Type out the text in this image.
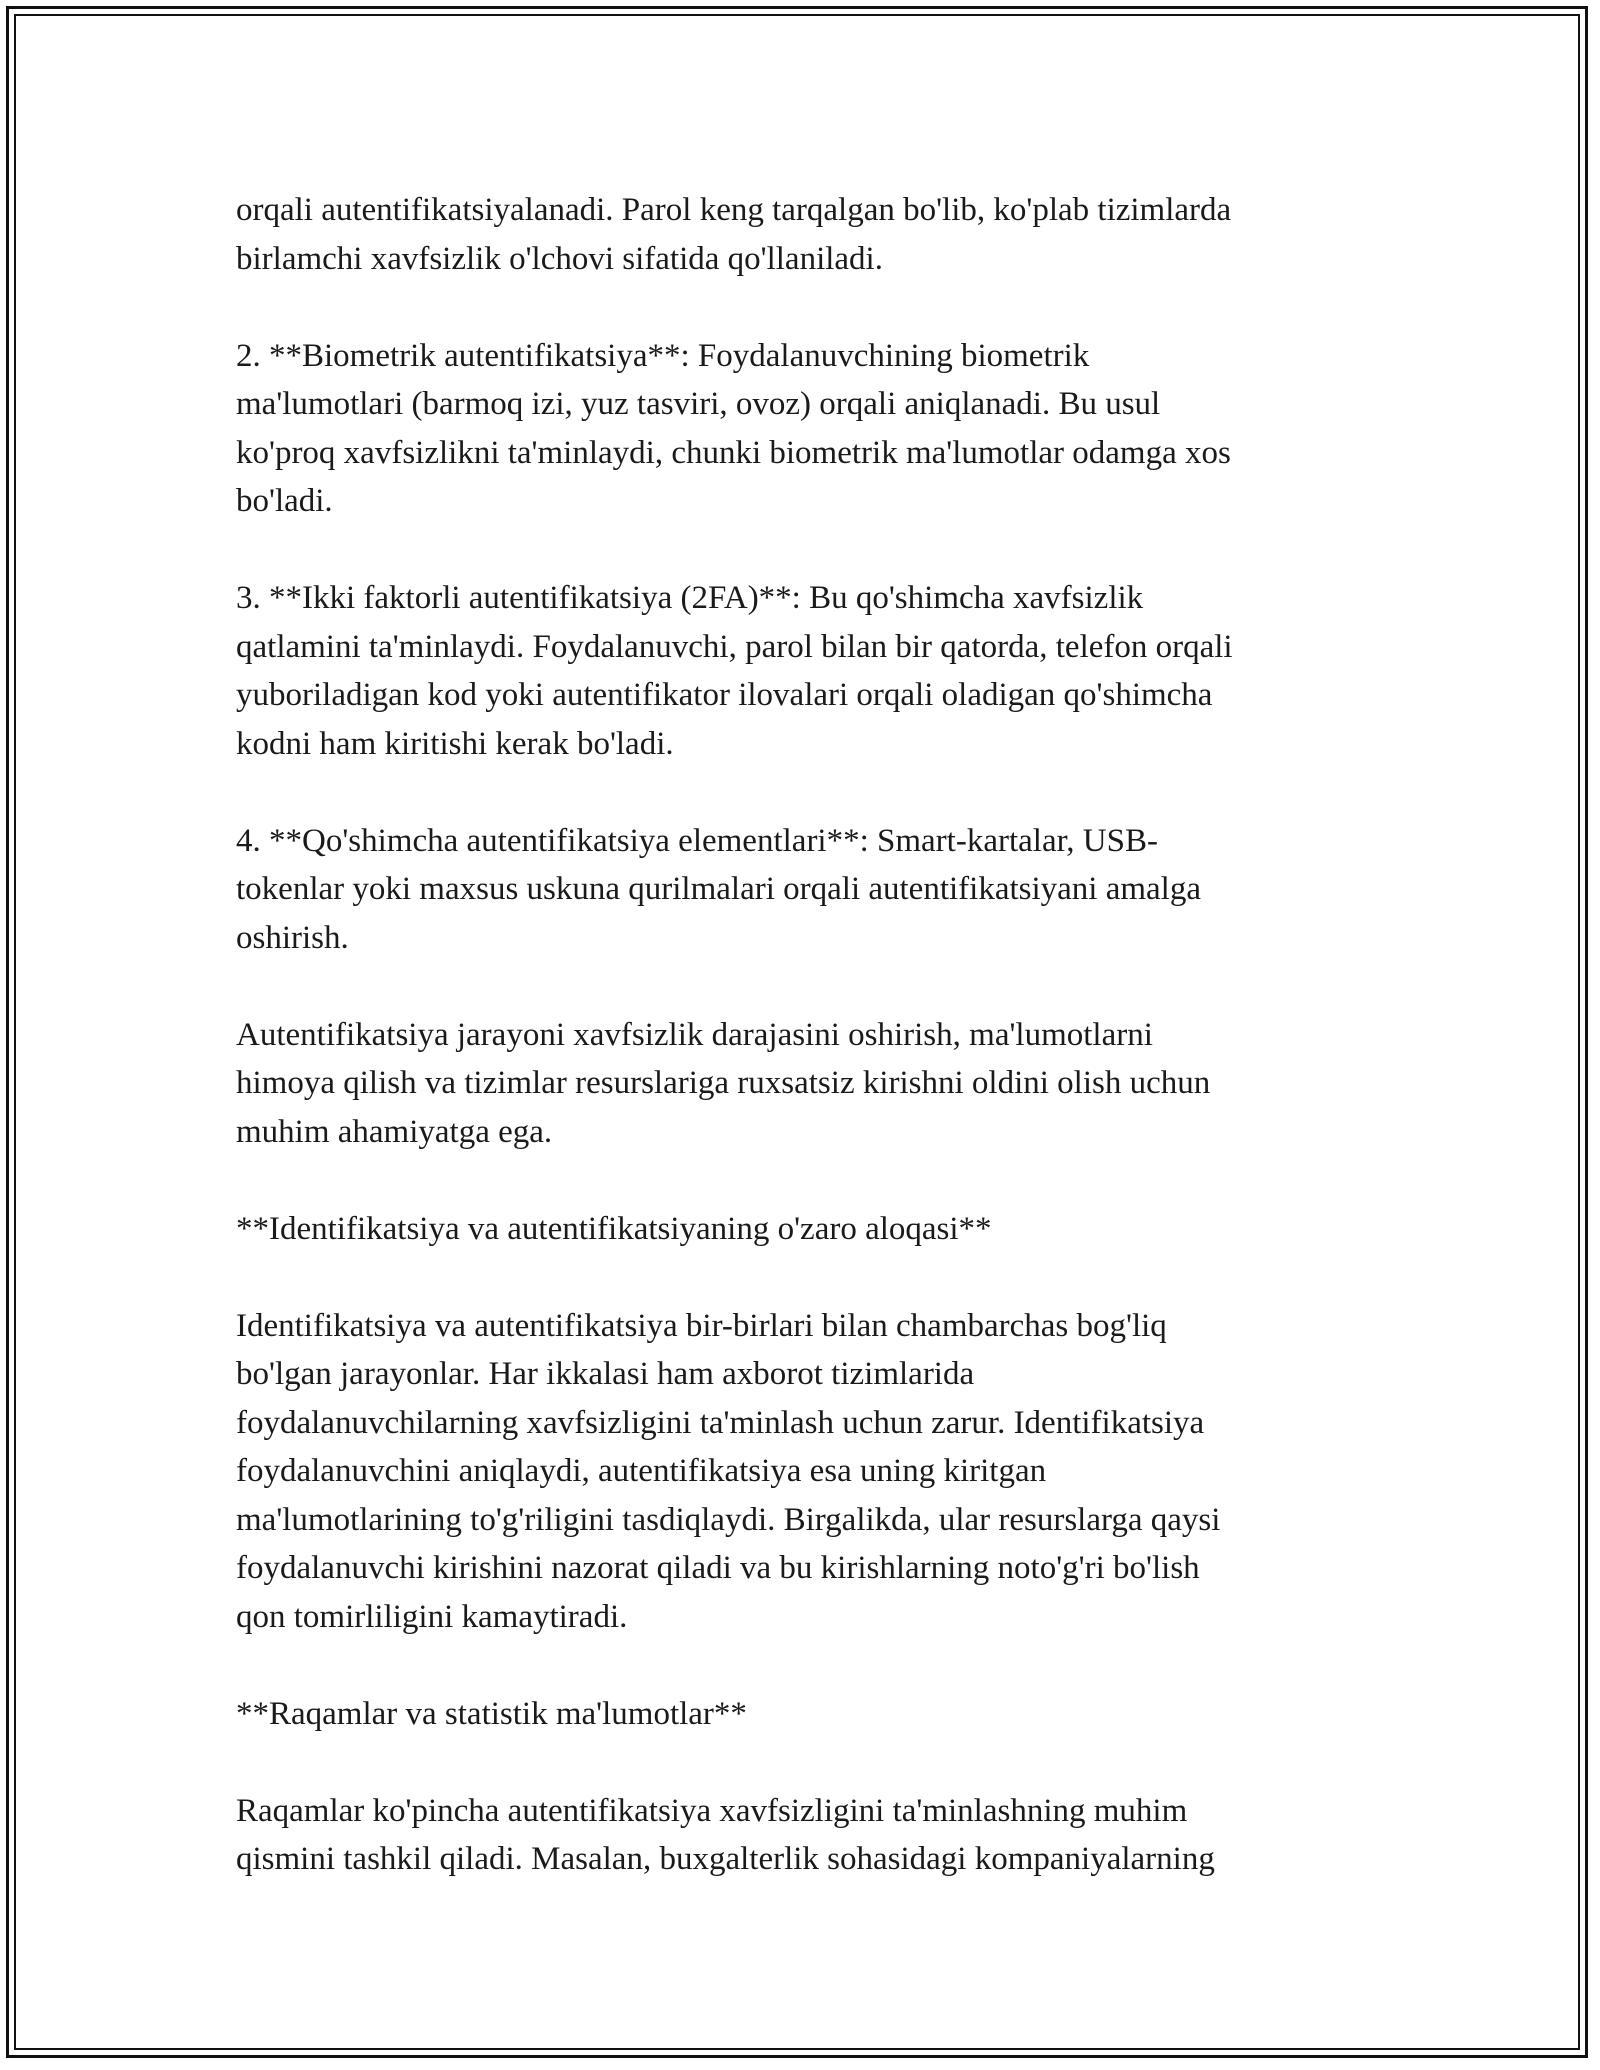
orqali autentifikatsiyalanadi. Parol keng tarqalgan bo'lib, ko'plab tizimlarda
birlamchi xavfsizlik o'lchovi sifatida qo'llaniladi.

2. **Biometrik autentifikatsiya**: Foydalanuvchining biometrik
ma'lumotlari (barmoq izi, yuz tasviri, ovoz) orqali aniqlanadi. Bu usul
ko'proq xavfsizlikni ta'minlaydi, chunki biometrik ma'lumotlar odamga xos
bo'ladi.

3. **Ikki faktorli autentifikatsiya (2FA)**: Bu qo'shimcha xavfsizlik
qatlamini ta'minlaydi. Foydalanuvchi, parol bilan bir qatorda, telefon orqali
yuboriladigan kod yoki autentifikator ilovalari orqali oladigan qo'shimcha
kodni ham kiritishi kerak bo'ladi.

4. **Qo'shimcha autentifikatsiya elementlari**: Smart-kartalar, USB-
tokenlar yoki maxsus uskuna qurilmalari orqali autentifikatsiyani amalga
oshirish.

Autentifikatsiya jarayoni xavfsizlik darajasini oshirish, ma'lumotlarni
himoya qilish va tizimlar resurslariga ruxsatsiz kirishni oldini olish uchun
muhim ahamiyatga ega.

**Identifikatsiya va autentifikatsiyaning o'zaro aloqasi**

Identifikatsiya va autentifikatsiya bir-birlari bilan chambarchas bog'liq
bo'lgan jarayonlar. Har ikkalasi ham axborot tizimlarida
foydalanuvchilarning xavfsizligini ta'minlash uchun zarur. Identifikatsiya
foydalanuvchini aniqlaydi, autentifikatsiya esa uning kiritgan
ma'lumotlarining to'g'riligini tasdiqlaydi. Birgalikda, ular resurslarga qaysi
foydalanuvchi kirishini nazorat qiladi va bu kirishlarning noto'g'ri bo'lish
qon tomirliligini kamaytiradi.

**Raqamlar va statistik ma'lumotlar**

Raqamlar ko'pincha autentifikatsiya xavfsizligini ta'minlashning muhim
qismini tashkil qiladi. Masalan, buxgalterlik sohasidagi kompaniyalarning
